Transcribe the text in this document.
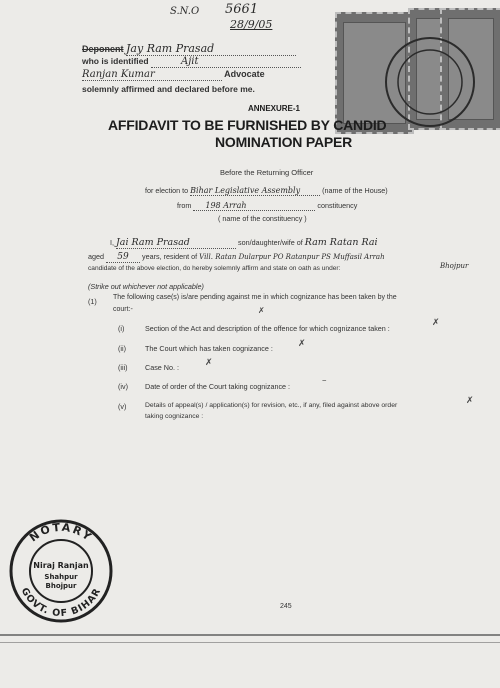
S.N.O 5661
28/9/05
Deponent Jay Ram Prasad
who is identified	Ajit
Ranjan Kumar	Advocate
solemnly affirmed and declared before me.
ANNEXURE-1
AFFIDAVIT TO BE FURNISHED BY CANDID
NOMINATION PAPER
Before the Returning Officer
for election to Bihar Legislative Assembly	(name of the House)
from 198 Arrah	constituency
( name of the constituency )
I, Jai Ram Prasad	son/daughter/wife of Ram Ratan Rai
aged 59 years, resident of Vill. Ratan Dularpur PO Ratanpur PS Muffasil Arrah
Bhojpur
candidate of the above election, do hereby solemnly affirm and state on oath as under:
(Strike out whichever not applicable)
(1) The following case(s) is/are pending against me in which cognizance has been taken by the
court:-	✗
(i)	Section of the Act and description of the offence for which cognizance taken :
✗
(ii)	The Court which has taken cognizance :	✗
(iii) Case No. :	✗
(iv) Date of order of the Court taking cognizance :
–
(v)	Details of appeal(s) / application(s) for revision, etc., if any, filed against above order
taking cognizance :
✗
NOTARY
GOVT. OF BIHAR
Niraj Ranjan
Shahpur
Bhojpur
245
